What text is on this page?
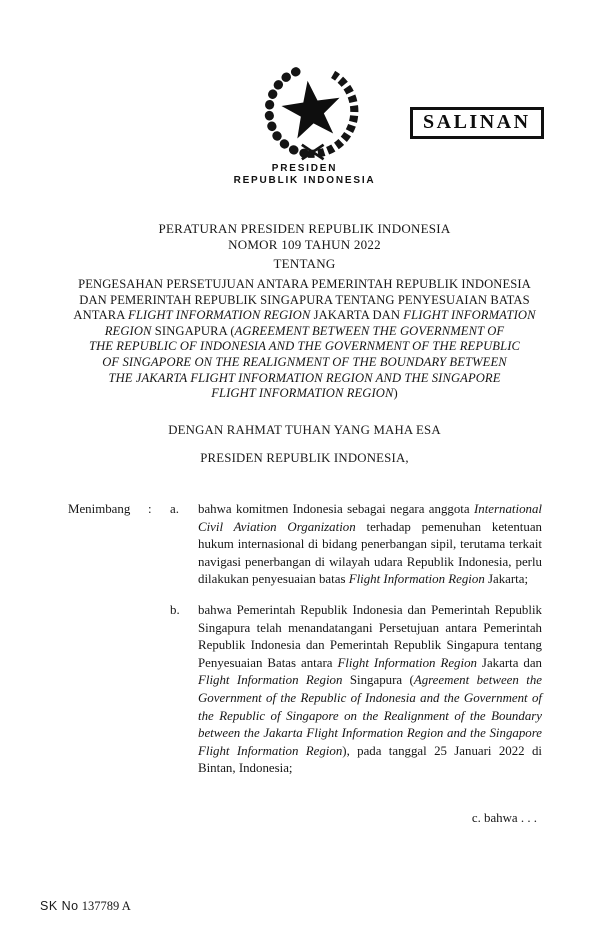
SALINAN
PRESIDEN
REPUBLIK INDONESIA
PERATURAN PRESIDEN REPUBLIK INDONESIA
NOMOR 109 TAHUN 2022
TENTANG
PENGESAHAN PERSETUJUAN ANTARA PEMERINTAH REPUBLIK INDONESIA
DAN PEMERINTAH REPUBLIK SINGAPURA TENTANG PENYESUAIAN BATAS
ANTARA FLIGHT INFORMATION REGION JAKARTA DAN FLIGHT INFORMATION
REGION SINGAPURA (AGREEMENT BETWEEN THE GOVERNMENT OF
THE REPUBLIC OF INDONESIA AND THE GOVERNMENT OF THE REPUBLIC
OF SINGAPORE ON THE REALIGNMENT OF THE BOUNDARY BETWEEN
THE JAKARTA FLIGHT INFORMATION REGION AND THE SINGAPORE
FLIGHT INFORMATION REGION)
DENGAN RAHMAT TUHAN YANG MAHA ESA
PRESIDEN REPUBLIK INDONESIA,
Menimbang	:	a.	bahwa komitmen Indonesia sebagai negara anggota International Civil Aviation Organization terhadap pemenuhan ketentuan hukum internasional di bidang penerbangan sipil, terutama terkait navigasi penerbangan di wilayah udara Republik Indonesia, perlu dilakukan penyesuaian batas Flight Information Region Jakarta;
b.	bahwa Pemerintah Republik Indonesia dan Pemerintah Republik Singapura telah menandatangani Persetujuan antara Pemerintah Republik Indonesia dan Pemerintah Republik Singapura tentang Penyesuaian Batas antara Flight Information Region Jakarta dan Flight Information Region Singapura (Agreement between the Government of the Republic of Indonesia and the Government of the Republic of Singapore on the Realignment of the Boundary between the Jakarta Flight Information Region and the Singapore Flight Information Region), pada tanggal 25 Januari 2022 di Bintan, Indonesia;
c. bahwa . . .
SK No 137789 A
